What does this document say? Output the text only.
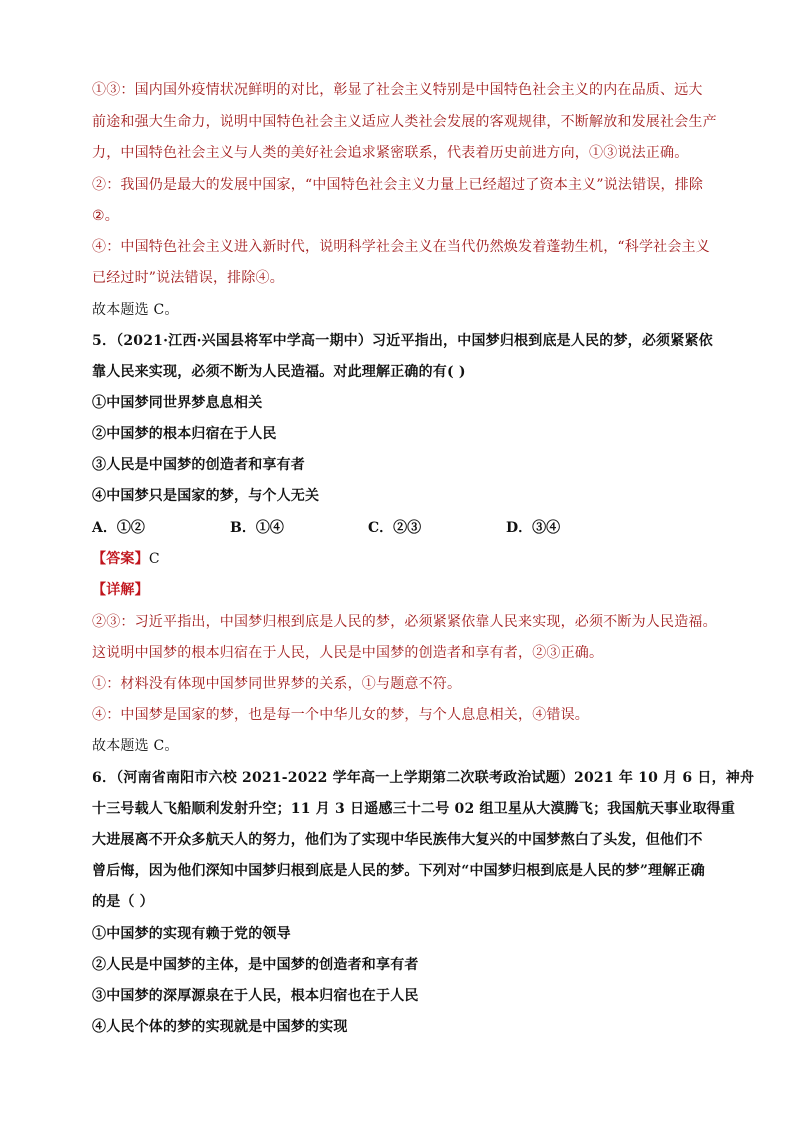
①③：国内国外疫情状况鲜明的对比，彰显了社会主义特别是中国特色社会主义的内在品质、远大
前途和强大生命力，说明中国特色社会主义适应人类社会发展的客观规律，不断解放和发展社会生产
力，中国特色社会主义与人类的美好社会追求紧密联系，代表着历史前进方向，①③说法正确。
②：我国仍是最大的发展中国家，“中国特色社会主义力量上已经超过了资本主义”说法错误，排除
②。
④：中国特色社会主义进入新时代，说明科学社会主义在当代仍然焕发着蓬勃生机，“科学社会主义
已经过时”说法错误，排除④。
故本题选 C。
5．（2021·江西·兴国县将军中学高一期中）习近平指出，中国梦归根到底是人民的梦，必须紧紧依
靠人民来实现，必须不断为人民造福。对此理解正确的有( )
①中国梦同世界梦息息相关
②中国梦的根本归宿在于人民
③人民是中国梦的创造者和享有者
④中国梦只是国家的梦，与个人无关
A．①②	B．①④	C．②③	D．③④
【答案】C
【详解】
②③：习近平指出，中国梦归根到底是人民的梦，必须紧紧依靠人民来实现，必须不断为人民造福。
这说明中国梦的根本归宿在于人民，人民是中国梦的创造者和享有者，②③正确。
①：材料没有体现中国梦同世界梦的关系，①与题意不符。
④：中国梦是国家的梦，也是每一个中华儿女的梦，与个人息息相关，④错误。
故本题选 C。
6．（河南省南阳市六校 2021-2022 学年高一上学期第二次联考政治试题）2021 年 10 月 6 日，神舟
十三号载人飞船顺利发射升空；11 月 3 日遥感三十二号 02 组卫星从大漠腾飞；我国航天事业取得重
大进展离不开众多航天人的努力，他们为了实现中华民族伟大复兴的中国梦熬白了头发，但他们不
曾后悔，因为他们深知中国梦归根到底是人民的梦。下列对“中国梦归根到底是人民的梦”理解正确
的是（ ）
①中国梦的实现有赖于党的领导
②人民是中国梦的主体，是中国梦的创造者和享有者
③中国梦的深厚源泉在于人民，根本归宿也在于人民
④人民个体的梦的实现就是中国梦的实现
